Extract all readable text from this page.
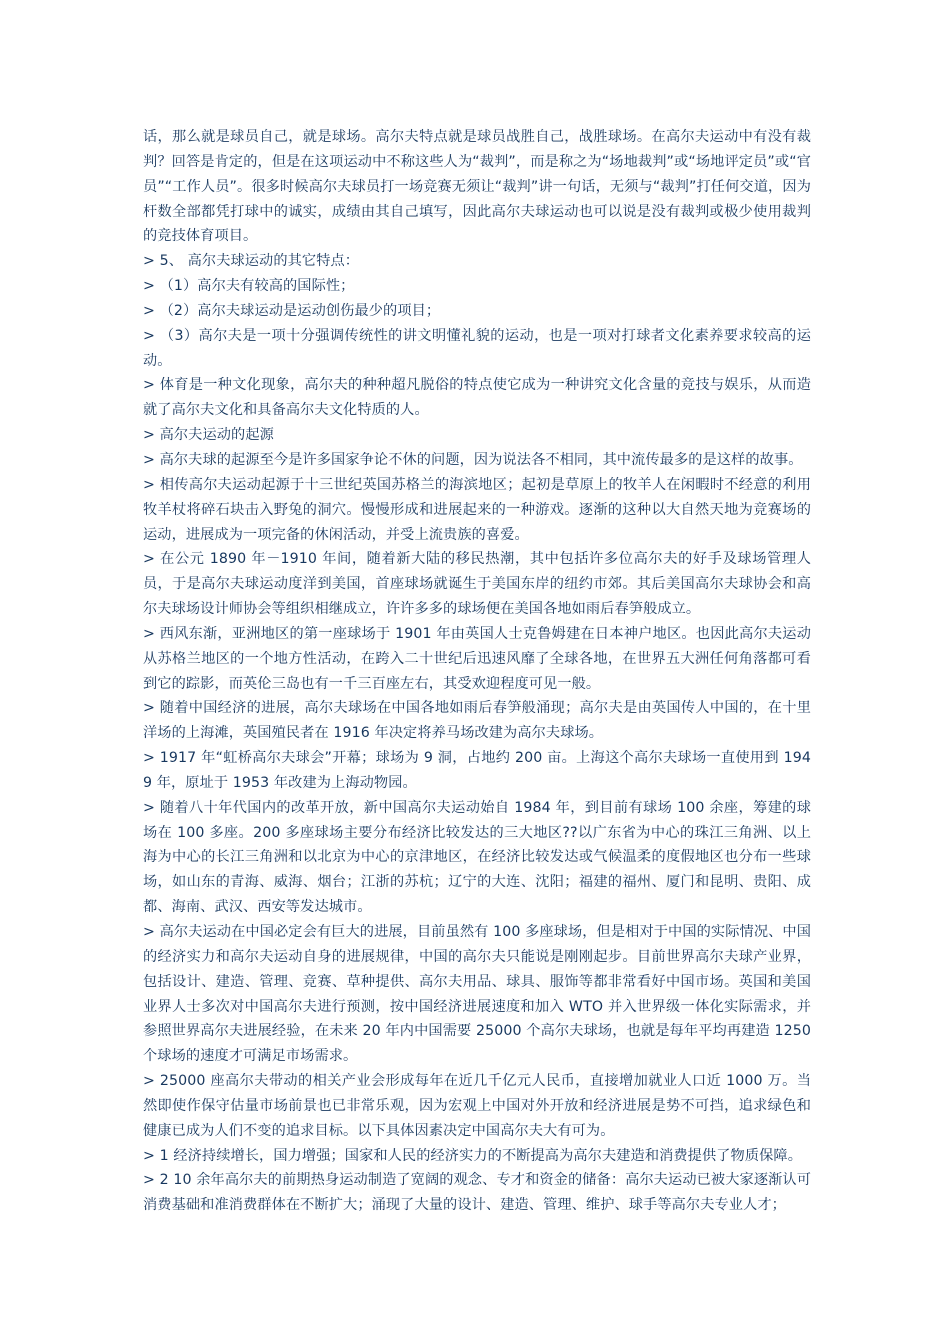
话，那么就是球员自己，就是球场。高尔夫特点就是球员战胜自己，战胜球场。在高尔夫运动中有没有裁判？回答是肯定的，但是在这项运动中不称这些人为“裁判”，而是称之为“场地裁判”或“场地评定员”或“官员”“工作人员”。很多时候高尔夫球员打一场竞赛无须让“裁判”讲一句话，无须与“裁判”打任何交道，因为杆数全部都凭打球中的诚实，成绩由其自己填写，因此高尔夫球运动也可以说是没有裁判或极少使用裁判的竞技体育项目。

> 5、 高尔夫球运动的其它特点：

> （1）高尔夫有较高的国际性；

> （2）高尔夫球运动是运动创伤最少的项目；

> （3）高尔夫是一项十分强调传统性的讲文明懂礼貌的运动，也是一项对打球者文化素养要求较高的运动。

> 体育是一种文化现象，高尔夫的种种超凡脱俗的特点使它成为一种讲究文化含量的竞技与娱乐，从而造就了高尔夫文化和具备高尔夫文化特质的人。

> 高尔夫运动的起源

> 高尔夫球的起源至今是许多国家争论不休的问题，因为说法各不相同，其中流传最多的是这样的故事。

> 相传高尔夫运动起源于十三世纪英国苏格兰的海滨地区；起初是草原上的牧羊人在闲暇时不经意的利用牧羊杖将碎石块击入野兔的洞穴。慢慢形成和进展起来的一种游戏。逐渐的这种以大自然天地为竞赛场的运动，进展成为一项完备的休闲活动，并受上流贵族的喜爱。

> 在公元 1890 年－1910 年间，随着新大陆的移民热潮，其中包括许多位高尔夫的好手及球场管理人员，于是高尔夫球运动度洋到美国，首座球场就诞生于美国东岸的纽约市郊。其后美国高尔夫球协会和高尔夫球场设计师协会等组织相继成立，许许多多的球场便在美国各地如雨后春笋般成立。

> 西风东渐，亚洲地区的第一座球场于 1901 年由英国人士克鲁姆建在日本神户地区。也因此高尔夫运动从苏格兰地区的一个地方性活动，在跨入二十世纪后迅速风靡了全球各地，在世界五大洲任何角落都可看到它的踪影，而英伦三岛也有一千三百座左右，其受欢迎程度可见一般。

> 随着中国经济的进展，高尔夫球场在中国各地如雨后春笋般涌现；高尔夫是由英国传人中国的，在十里洋场的上海滩，英国殖民者在 1916 年决定将养马场改建为高尔夫球场。

> 1917 年“虹桥高尔夫球会”开幕；球场为 9 洞，占地约 200 亩。上海这个高尔夫球场一直使用到 1949 年，原址于 1953 年改建为上海动物园。

> 随着八十年代国内的改革开放，新中国高尔夫运动始自 1984 年，到目前有球场 100 余座，筹建的球场在 100 多座。200 多座球场主要分布经济比较发达的三大地区??以广东省为中心的珠江三角洲、以上海为中心的长江三角洲和以北京为中心的京津地区，在经济比较发达或气候温柔的度假地区也分布一些球场，如山东的青海、威海、烟台；江浙的苏杭；辽宁的大连、沈阳；福建的福州、厦门和昆明、贵阳、成都、海南、武汉、西安等发达城市。

> 高尔夫运动在中国必定会有巨大的进展，目前虽然有 100 多座球场，但是相对于中国的实际情况、中国的经济实力和高尔夫运动自身的进展规律，中国的高尔夫只能说是刚刚起步。目前世界高尔夫球产业界，包括设计、建造、管理、竞赛、草种提供、高尔夫用品、球具、服饰等都非常看好中国市场。英国和美国业界人士多次对中国高尔夫进行预测，按中国经济进展速度和加入 WTO 并入世界级一体化实际需求，并参照世界高尔夫进展经验，在未来 20 年内中国需要 25000 个高尔夫球场，也就是每年平均再建造 1250 个球场的速度才可满足市场需求。

> 25000 座高尔夫带动的相关产业会形成每年在近几千亿元人民币，直接增加就业人口近 1000 万。当然即使作保守估量市场前景也已非常乐观，因为宏观上中国对外开放和经济进展是势不可挡，追求绿色和健康已成为人们不变的追求目标。以下具体因素决定中国高尔夫大有可为。

> 1 经济持续增长，国力增强；国家和人民的经济实力的不断提高为高尔夫建造和消费提供了物质保障。

> 2 10 余年高尔夫的前期热身运动制造了宽阔的观念、专才和资金的储备：高尔夫运动已被大家逐渐认可消费基础和准消费群体在不断扩大；涌现了大量的设计、建造、管理、维护、球手等高尔夫专业人才；
